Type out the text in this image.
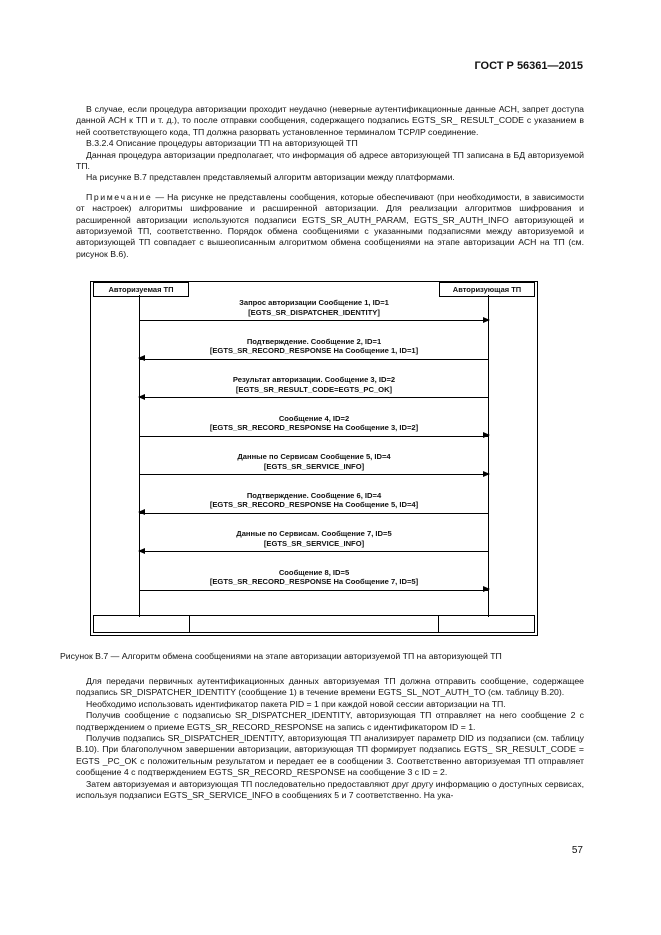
ГОСТ Р 56361—2015

В случае, если процедура авторизации проходит неудачно (неверные аутентификационные данные АСН, запрет доступа данной АСН к ТП и т. д.), то после отправки сообщения, содержащего подзапись EGTS_SR_ RESULT_CODE с указанием в ней соответствующего кода, ТП должна разорвать установленное терминалом TCP/IP соединение.

В.3.2.4 Описание процедуры авторизации ТП на авторизующей ТП

Данная процедура авторизации предполагает, что информация об адресе авторизующей ТП записана в БД авторизуемой ТП.

На рисунке В.7 представлен представляемый алгоритм авторизации между платформами.

Примечание — На рисунке не представлены сообщения, которые обеспечивают (при необходимости, в зависимости от настроек) алгоритмы шифрование и расширенной авторизации. Для реализации алгоритмов шифрования и расширенной авторизации используются подзаписи EGTS_SR_AUTH_PARAM, EGTS_SR_AUTH_INFO авторизующей и авторизуемой ТП, соответственно. Порядок обмена сообщениями с указанными подзаписями между авторизуемой и авторизующей ТП совпадает с вышеописанным алгоритмом обмена сообщениями на этапе авторизации АСН на ТП (см. рисунок В.6).

Авторизуемая ТП	Авторизующая ТП
Запрос авторизации Сообщение 1, ID=1
[EGTS_SR_DISPATCHER_IDENTITY]
Подтверждение. Сообщение 2, ID=1
[EGTS_SR_RECORD_RESPONSE На Сообщение 1, ID=1]
Результат авторизации. Сообщение 3, ID=2
[EGTS_SR_RESULT_CODE=EGTS_PC_OK]
Сообщение 4, ID=2
[EGTS_SR_RECORD_RESPONSE На Сообщение 3, ID=2]
Данные по Сервисам Сообщение 5, ID=4
[EGTS_SR_SERVICE_INFO]
Подтверждение. Сообщение 6, ID=4
[EGTS_SR_RECORD_RESPONSE На Сообщение 5, ID=4]
Данные по Сервисам. Сообщение 7, ID=5
[EGTS_SR_SERVICE_INFO]
Сообщение 8, ID=5
[EGTS_SR_RECORD_RESPONSE На Сообщение 7, ID=5]
Рисунок В.7 — Алгоритм обмена сообщениями на этапе авторизации авторизуемой ТП на авторизующей ТП

Для передачи первичных аутентификационных данных авторизуемая ТП должна отправить сообщение, содержащее подзапись SR_DISPATCHER_IDENTITY (сообщение 1) в течение времени EGTS_SL_NOT_AUTH_TO (см. таблицу В.20).

Необходимо использовать идентификатор пакета PID = 1 при каждой новой сессии авторизации на ТП.

Получив сообщение с подзаписью SR_DISPATCHER_IDENTITY, авторизующая ТП отправляет на него сообщение 2 с подтверждением о приеме EGTS_SR_RECORD_RESPONSE на запись с идентификатором ID = 1.

Получив подзапись SR_DISPATCHER_IDENTITY, авторизующая ТП анализирует параметр DID из подзаписи (см. таблицу В.10). При благополучном завершении авторизации, авторизующая ТП формирует подзапись EGTS_ SR_RESULT_CODE = EGTS _PC_OK с положительным результатом и передает ее в сообщении 3. Соответственно авторизуемая ТП отправляет сообщение 4 с подтверждением EGTS_SR_RECORD_RESPONSE на сообщение 3 с ID = 2.

Затем авторизуемая и авторизующая ТП последовательно предоставляют друг другу информацию о доступных сервисах, используя подзаписи EGTS_SR_SERVICE_INFO в сообщениях 5 и 7 соответственно. На ука-

57
